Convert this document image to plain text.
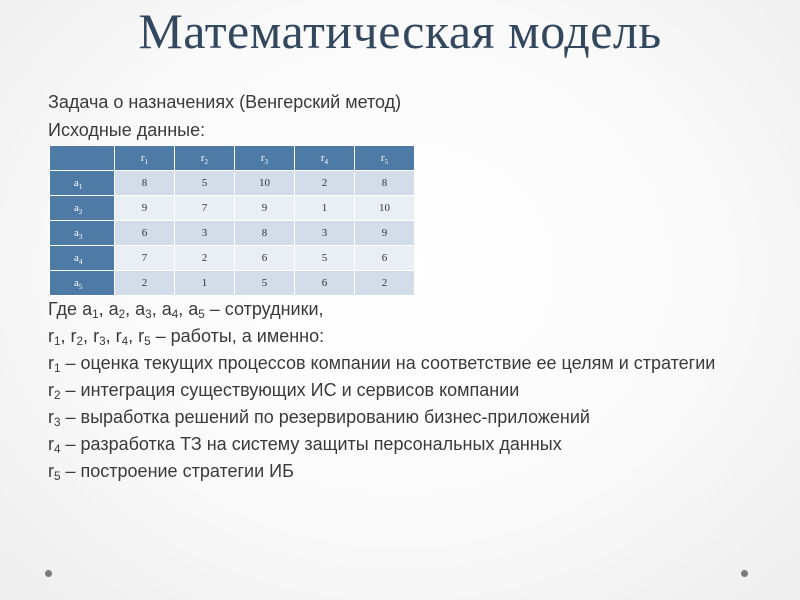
Математическая модель
Задача о назначениях (Венгерский метод)
Исходные данные:
	$r_1$	$r_2$	$r_3$	$r_4$	$r_5$
$a_1$	8	5	10	2	8
$a_2$	9	7	9	1	10
$a_3$	6	3	8	3	9
$a_4$	7	2	6	5	6
$a_5$	2	1	5	6	2

Где $a_1$, $a_2$, $a_3$, $a_4$, $a_5$ – сотрудники,

$r_1$, $r_2$, $r_3$, $r_4$, $r_5$ – работы, а именно:

$r_1$ – оценка текущих процессов компании на соответствие ее целям и стратегии

$r_2$ – интеграция существующих ИС и сервисов компании

$r_3$ – выработка решений по резервированию бизнес-приложений

$r_4$ – разработка ТЗ на систему защиты персональных данных

$r_5$ – построение стратегии ИБ
